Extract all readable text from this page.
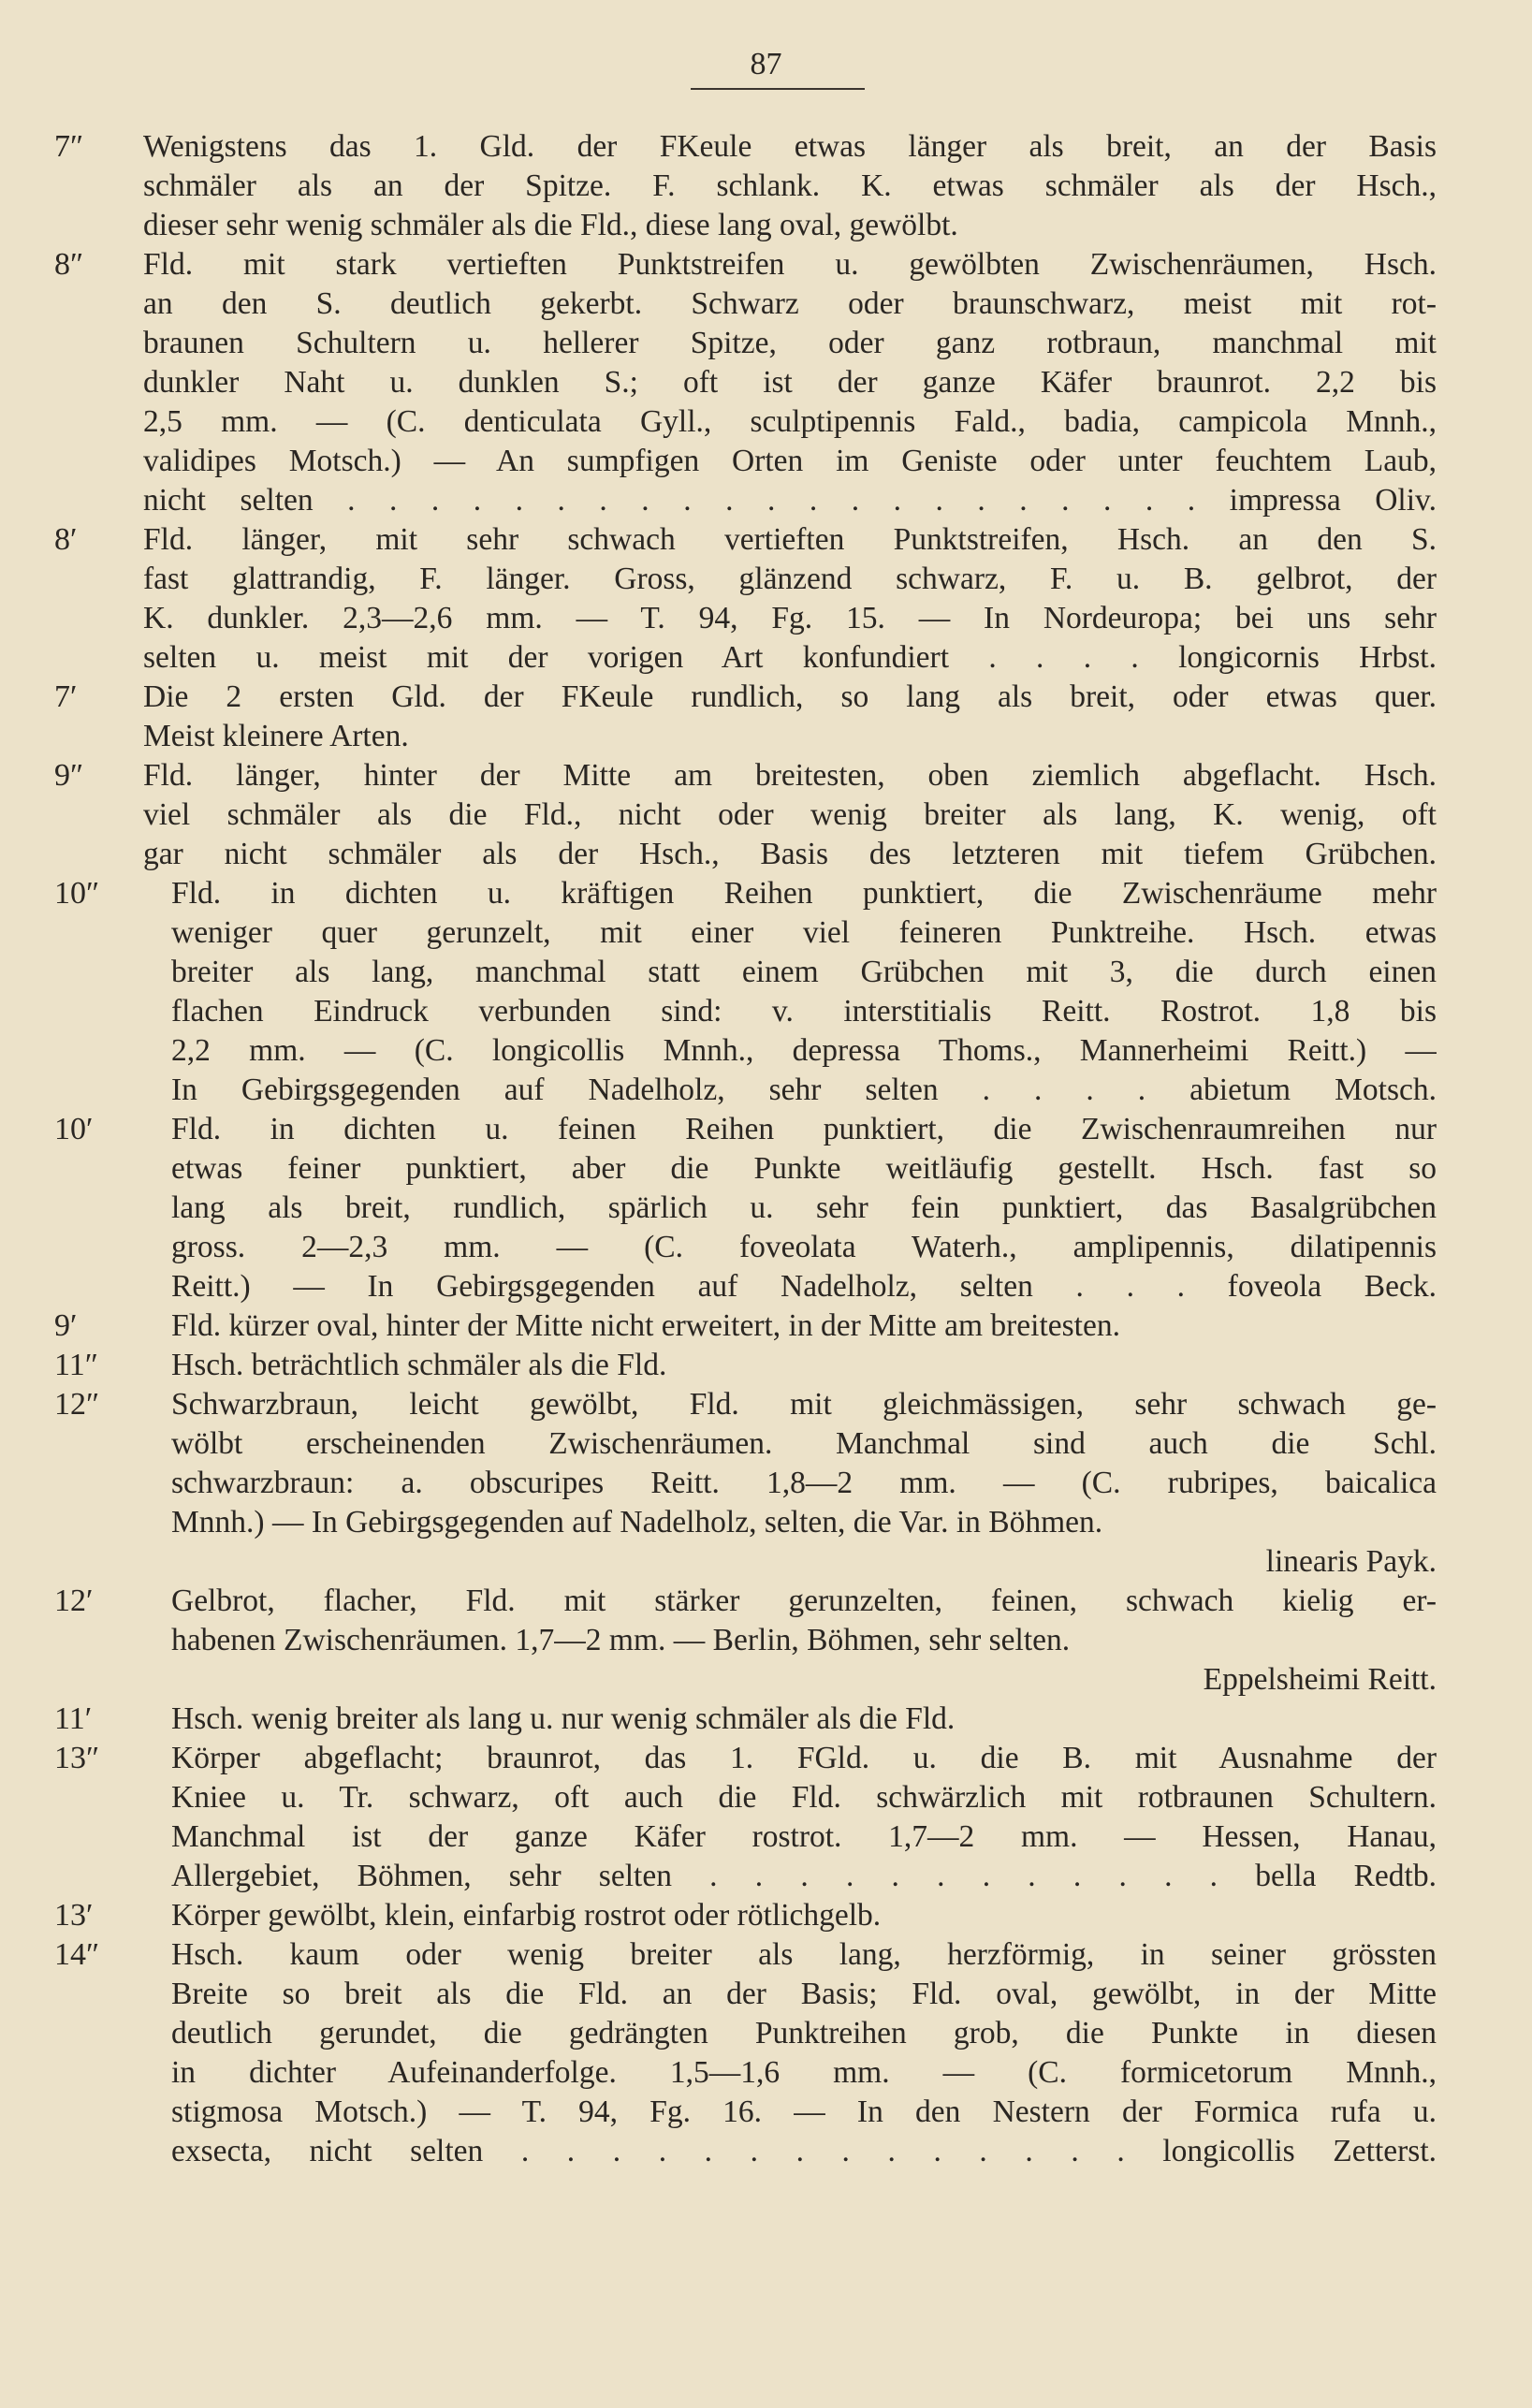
87
7″	Wenigstens das 1. Gld. der FKeule etwas länger als breit, an der Basis
schmäler als an der Spitze. F. schlank. K. etwas schmäler als der Hsch.,
dieser sehr wenig schmäler als die Fld., diese lang oval, gewölbt.
8″	Fld. mit stark vertieften Punktstreifen u. gewölbten Zwischenräumen, Hsch.
an den S. deutlich gekerbt. Schwarz oder braunschwarz, meist mit rot-
braunen Schultern u. hellerer Spitze, oder ganz rotbraun, manchmal mit
dunkler Naht u. dunklen S.; oft ist der ganze Käfer braunrot. 2,2 bis
2,5 mm. — (C. denticulata Gyll., sculptipennis Fald., badia, campicola Mnnh.,
validipes Motsch.) — An sumpfigen Orten im Geniste oder unter feuchtem Laub,
nicht selten . . . . . . . . . . . . . . . . . . . . . impressa Oliv.
8′	Fld. länger, mit sehr schwach vertieften Punktstreifen, Hsch. an den S.
fast glattrandig, F. länger. Gross, glänzend schwarz, F. u. B. gelbrot, der
K. dunkler. 2,3—2,6 mm. — T. 94, Fg. 15. — In Nordeuropa; bei uns sehr
selten u. meist mit der vorigen Art konfundiert . . . . longicornis Hrbst.
7′	Die 2 ersten Gld. der FKeule rundlich, so lang als breit, oder etwas quer.
Meist kleinere Arten.
9″	Fld. länger, hinter der Mitte am breitesten, oben ziemlich abgeflacht. Hsch.
viel schmäler als die Fld., nicht oder wenig breiter als lang, K. wenig, oft
gar nicht schmäler als der Hsch., Basis des letzteren mit tiefem Grübchen.
10″	Fld. in dichten u. kräftigen Reihen punktiert, die Zwischenräume mehr
weniger quer gerunzelt, mit einer viel feineren Punktreihe. Hsch. etwas
breiter als lang, manchmal statt einem Grübchen mit 3, die durch einen
flachen Eindruck verbunden sind: v. interstitialis Reitt. Rostrot. 1,8 bis
2,2 mm. — (C. longicollis Mnnh., depressa Thoms., Mannerheimi Reitt.) —
In Gebirgsgegenden auf Nadelholz, sehr selten . . . . abietum Motsch.
10′	Fld. in dichten u. feinen Reihen punktiert, die Zwischenraumreihen nur
etwas feiner punktiert, aber die Punkte weitläufig gestellt. Hsch. fast so
lang als breit, rundlich, spärlich u. sehr fein punktiert, das Basalgrübchen
gross. 2—2,3 mm. — (C. foveolata Waterh., amplipennis, dilatipennis
Reitt.) — In Gebirgsgegenden auf Nadelholz, selten . . . foveola Beck.
9′	Fld. kürzer oval, hinter der Mitte nicht erweitert, in der Mitte am breitesten.
11″	Hsch. beträchtlich schmäler als die Fld.
12″	Schwarzbraun, leicht gewölbt, Fld. mit gleichmässigen, sehr schwach ge-
wölbt erscheinenden Zwischenräumen. Manchmal sind auch die Schl.
schwarzbraun: a. obscuripes Reitt. 1,8—2 mm. — (C. rubripes, baicalica
Mnnh.) — In Gebirgsgegenden auf Nadelholz, selten, die Var. in Böhmen.
linearis Payk.
12′	Gelbrot, flacher, Fld. mit stärker gerunzelten, feinen, schwach kielig er-
habenen Zwischenräumen. 1,7—2 mm. — Berlin, Böhmen, sehr selten.
Eppelsheimi Reitt.
11′	Hsch. wenig breiter als lang u. nur wenig schmäler als die Fld.
13″	Körper abgeflacht; braunrot, das 1. FGld. u. die B. mit Ausnahme der
Kniee u. Tr. schwarz, oft auch die Fld. schwärzlich mit rotbraunen Schultern.
Manchmal ist der ganze Käfer rostrot. 1,7—2 mm. — Hessen, Hanau,
Allergebiet, Böhmen, sehr selten . . . . . . . . . . . . bella Redtb.
13′	Körper gewölbt, klein, einfarbig rostrot oder rötlichgelb.
14″	Hsch. kaum oder wenig breiter als lang, herzförmig, in seiner grössten
Breite so breit als die Fld. an der Basis; Fld. oval, gewölbt, in der Mitte
deutlich gerundet, die gedrängten Punktreihen grob, die Punkte in diesen
in dichter Aufeinanderfolge. 1,5—1,6 mm. — (C. formicetorum Mnnh.,
stigmosa Motsch.) — T. 94, Fg. 16. — In den Nestern der Formica rufa u.
exsecta, nicht selten . . . . . . . . . . . . . . longicollis Zetterst.
